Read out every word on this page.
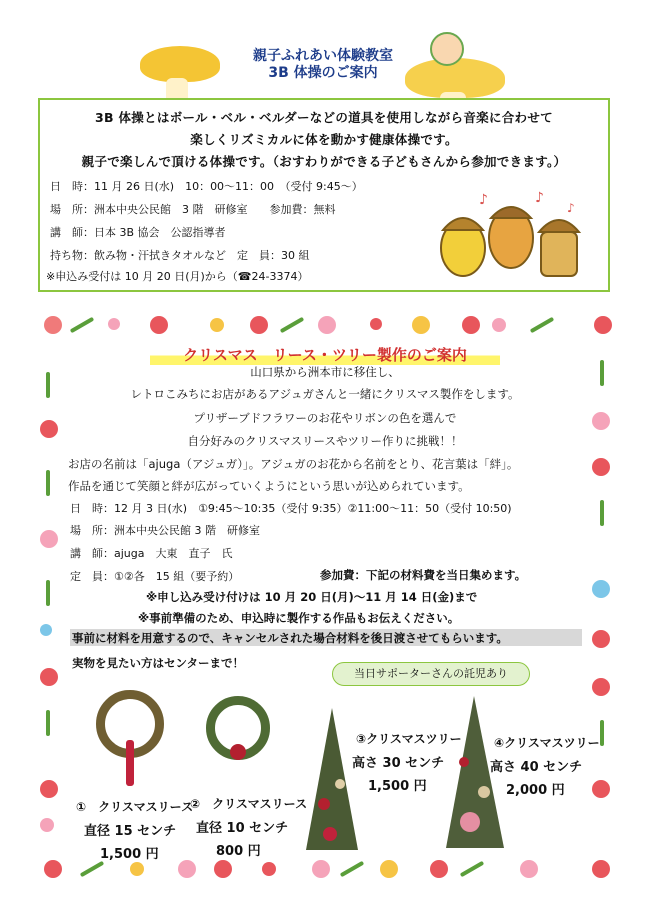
親子ふれあい体験教室
3B 体操のご案内
3B 体操とはボール・ベル・ベルダーなどの道具を使用しながら音楽に合わせて
楽しくリズミカルに体を動かす健康体操です。
親子で楽しんで頂ける体操です。（おすわりができる子どもさんから参加できます。）
日　時：11 月 26 日(水)　10：00～11：00　（受付 9:45～）
場　所：洲本中央公民館　3 階　研修室　　参加費：無料
講　師：日本 3B 協会　公認指導者
持ち物：飲み物・汗拭きタオルなど　定　員：30 組
※申込み受付は 10 月 20 日(月)から（☎24-3374）
♪	♪
♪
クリスマス　リース・ツリー製作のご案内
山口県から洲本市に移住し、
レトロこみちにお店があるアジュガさんと一緒にクリスマス製作をします。
プリザーブドフラワーのお花やリボンの色を選んで
自分好みのクリスマスリースやツリー作りに挑戦！！
お店の名前は「ajuga（アジュガ）」。アジュガのお花から名前をとり、花言葉は「絆」。
作品を通じて笑顔と絆が広がっていくようにという思いが込められています。
日　時：12 月 3 日(水)　①9:45～10:35（受付 9:35）②11:00～11：50（受付 10:50)
場　所：洲本中央公民館 3 階　研修室
講　師：ajuga　大東　直子　氏
定　員：①②各　15 組（要予約）	参加費：下記の材料費を当日集めます。
※申し込み受け付けは 10 月 20 日(月)～11 月 14 日(金)まで
※事前準備のため、申込時に製作する作品もお伝えください。
事前に材料を用意するので、キャンセルされた場合材料を後日渡させてもらいます。
実物を見たい方はセンターまで！
当日サポーターさんの託児あり
①　クリスマスリース
直径 15 センチ
1,500 円
②　クリスマスリース
直径 10 センチ
800 円
③クリスマスツリー
高さ 30 センチ
1,500 円
④クリスマスツリー
高さ 40 センチ
2,000 円
